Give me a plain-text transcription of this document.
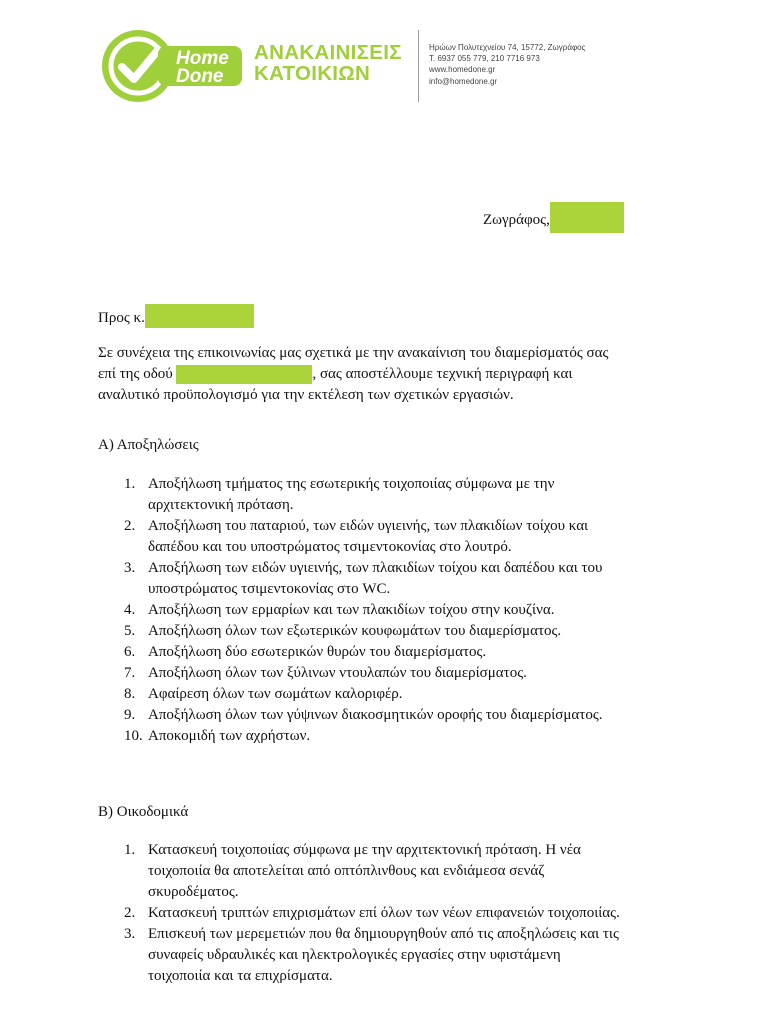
Home
Done
ΑΝΑΚΑΙΝΙΣΕΙΣ
ΚΑΤΟΙΚΙΩΝ
Ηρώων Πολυτεχνείου 74, 15772, Ζωγράφος
Τ. 6937 055 779, 210 7716 973
www.homedone.gr
info@homedone.gr
Ζωγράφος,
Προς κ.
Σε συνέχεια της επικοινωνίας μας σχετικά με την ανακαίνιση του διαμερίσματός σας
επί της οδού	, σας αποστέλλουμε τεχνική περιγραφή και
αναλυτικό προϋπολογισμό για την εκτέλεση των σχετικών εργασιών.
Α) Αποξηλώσεις
1. Αποξήλωση τμήματος της εσωτερικής τοιχοποιίας σύμφωνα με την
αρχιτεκτονική πρόταση.
2. Αποξήλωση του παταριού, των ειδών υγιεινής, των πλακιδίων τοίχου και
δαπέδου και του υποστρώματος τσιμεντοκονίας στο λουτρό.
3. Αποξήλωση των ειδών υγιεινής, των πλακιδίων τοίχου και δαπέδου και του
υποστρώματος τσιμεντοκονίας στο WC.
4. Αποξήλωση των ερμαρίων και των πλακιδίων τοίχου στην κουζίνα.
5. Αποξήλωση όλων των εξωτερικών κουφωμάτων του διαμερίσματος.
6. Αποξήλωση δύο εσωτερικών θυρών του διαμερίσματος.
7. Αποξήλωση όλων των ξύλινων ντουλαπών του διαμερίσματος.
8. Αφαίρεση όλων των σωμάτων καλοριφέρ.
9. Αποξήλωση όλων των γύψινων διακοσμητικών οροφής του διαμερίσματος.
10. Αποκομιδή των αχρήστων.
Β) Οικοδομικά
1. Κατασκευή τοιχοποιίας σύμφωνα με την αρχιτεκτονική πρόταση. Η νέα
τοιχοποιία θα αποτελείται από οπτόπλινθους και ενδιάμεσα σενάζ
σκυροδέματος.
2. Κατασκευή τριπτών επιχρισμάτων επί όλων των νέων επιφανειών τοιχοποιίας.
3. Επισκευή των μερεμετιών που θα δημιουργηθούν από τις αποξηλώσεις και τις
συναφείς υδραυλικές και ηλεκτρολογικές εργασίες στην υφιστάμενη
τοιχοποιία και τα επιχρίσματα.
